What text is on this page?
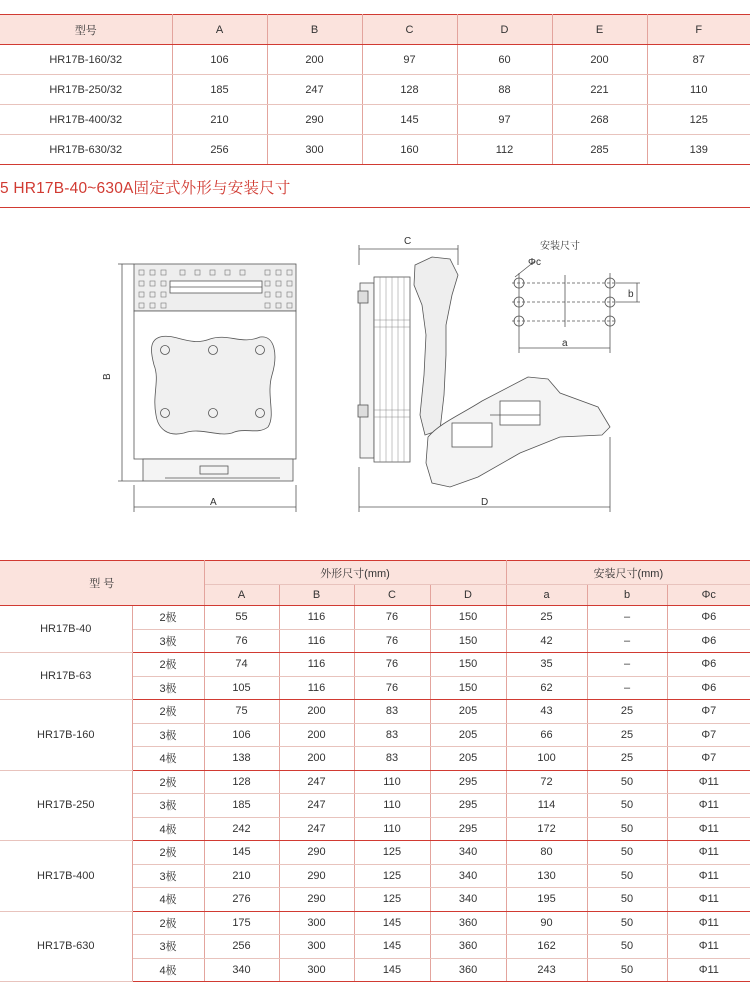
型号	A	B	C	D	E	F
HR17B-160/32	106	200	97	60	200	87
HR17B-250/32	185	247	128	88	221	110
HR17B-400/32	210	290	145	97	268	125
HR17B-630/32	256	300	160	112	285	139
5 HR17B-40~630A固定式外形与安装尺寸
B
A
C
D
安装尺寸
Φc
a
b
型 号		外形尺寸(mm)				安装尺寸(mm)		
		A	B	C	D	a	b	Φc
HR17B-40	2极	55	116	76	150	25	–	Φ6
	3极	76	116	76	150	42	–	Φ6
HR17B-63	2极	74	116	76	150	35	–	Φ6
	3极	105	116	76	150	62	–	Φ6
HR17B-160	2极	75	200	83	205	43	25	Φ7
	3极	106	200	83	205	66	25	Φ7
	4极	138	200	83	205	100	25	Φ7
HR17B-250	2极	128	247	110	295	72	50	Φ11
	3极	185	247	110	295	114	50	Φ11
	4极	242	247	110	295	172	50	Φ11
HR17B-400	2极	145	290	125	340	80	50	Φ11
	3极	210	290	125	340	130	50	Φ11
	4极	276	290	125	340	195	50	Φ11
HR17B-630	2极	175	300	145	360	90	50	Φ11
	3极	256	300	145	360	162	50	Φ11
	4极	340	300	145	360	243	50	Φ11
